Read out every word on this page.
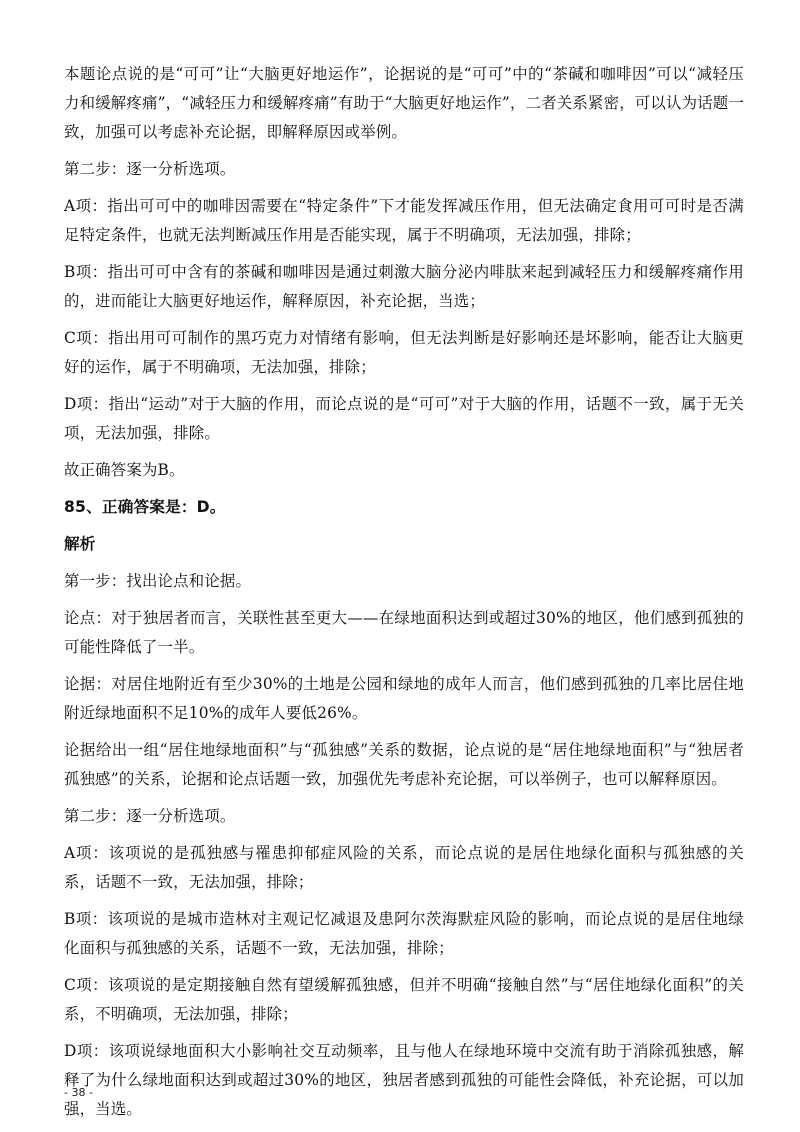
本题论点说的是“可可”让“大脑更好地运作”，论据说的是“可可”中的“茶碱和咖啡因”可以“减轻压力和缓解疼痛”，“减轻压力和缓解疼痛”有助于“大脑更好地运作”，二者关系紧密，可以认为话题一致，加强可以考虑补充论据，即解释原因或举例。

第二步：逐一分析选项。

A项：指出可可中的咖啡因需要在“特定条件”下才能发挥减压作用，但无法确定食用可可时是否满足特定条件，也就无法判断减压作用是否能实现，属于不明确项，无法加强，排除；

B项：指出可可中含有的茶碱和咖啡因是通过刺激大脑分泌内啡肽来起到减轻压力和缓解疼痛作用的，进而能让大脑更好地运作，解释原因，补充论据，当选；

C项：指出用可可制作的黑巧克力对情绪有影响，但无法判断是好影响还是坏影响，能否让大脑更好的运作，属于不明确项，无法加强，排除；

D项：指出“运动”对于大脑的作用，而论点说的是“可可”对于大脑的作用，话题不一致，属于无关项，无法加强，排除。

故正确答案为B。

85、正确答案是：D。

解析

第一步：找出论点和论据。

论点：对于独居者而言，关联性甚至更大——在绿地面积达到或超过30%的地区，他们感到孤独的可能性降低了一半。

论据：对居住地附近有至少30%的土地是公园和绿地的成年人而言，他们感到孤独的几率比居住地附近绿地面积不足10%的成年人要低26%。

论据给出一组“居住地绿地面积”与“孤独感”关系的数据，论点说的是“居住地绿地面积”与“独居者孤独感”的关系，论据和论点话题一致，加强优先考虑补充论据，可以举例子，也可以解释原因。

第二步：逐一分析选项。

A项：该项说的是孤独感与罹患抑郁症风险的关系，而论点说的是居住地绿化面积与孤独感的关系，话题不一致，无法加强，排除；

B项：该项说的是城市造林对主观记忆减退及患阿尔茨海默症风险的影响，而论点说的是居住地绿化面积与孤独感的关系，话题不一致，无法加强，排除；

C项：该项说的是定期接触自然有望缓解孤独感，但并不明确“接触自然”与“居住地绿化面积”的关系，不明确项，无法加强，排除；

D项：该项说绿地面积大小影响社交互动频率，且与他人在绿地环境中交流有助于消除孤独感，解释了为什么绿地面积达到或超过30%的地区，独居者感到孤独的可能性会降低，补充论据，可以加强，当选。

- 38 -
